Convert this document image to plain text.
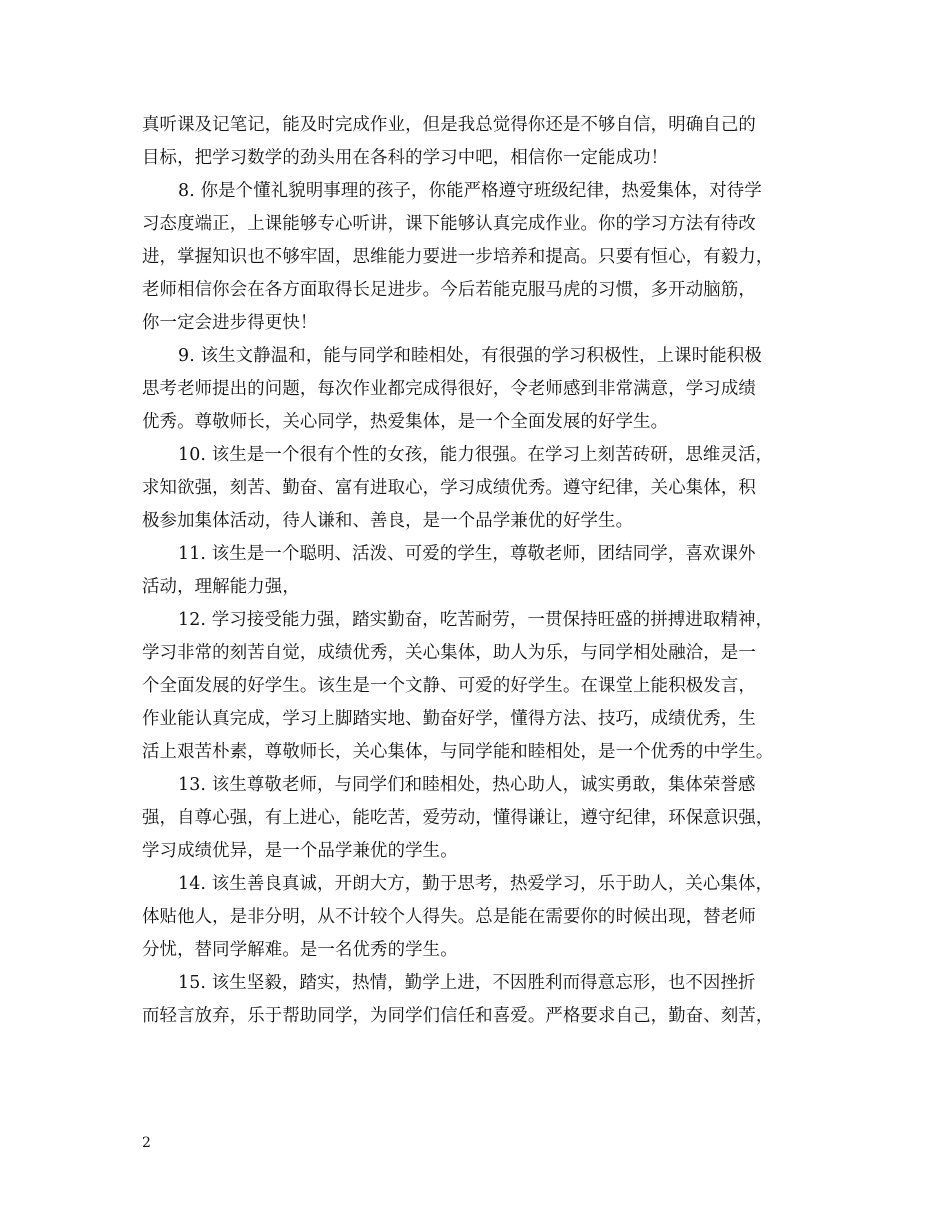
真听课及记笔记，能及时完成作业，但是我总觉得你还是不够自信，明确自己的
目标，把学习数学的劲头用在各科的学习中吧，相信你一定能成功！
8. 你是个懂礼貌明事理的孩子，你能严格遵守班级纪律，热爱集体，对待学
习态度端正，上课能够专心听讲，课下能够认真完成作业。你的学习方法有待改
进，掌握知识也不够牢固，思维能力要进一步培养和提高。只要有恒心，有毅力，
老师相信你会在各方面取得长足进步。今后若能克服马虎的习惯，多开动脑筋，
你一定会进步得更快！
9. 该生文静温和，能与同学和睦相处，有很强的学习积极性，上课时能积极
思考老师提出的问题，每次作业都完成得很好，令老师感到非常满意，学习成绩
优秀。尊敬师长，关心同学，热爱集体，是一个全面发展的好学生。
10. 该生是一个很有个性的女孩，能力很强。在学习上刻苦砖研，思维灵活，
求知欲强，刻苦、勤奋、富有进取心，学习成绩优秀。遵守纪律，关心集体，积
极参加集体活动，待人谦和、善良，是一个品学兼优的好学生。
11. 该生是一个聪明、活泼、可爱的学生，尊敬老师，团结同学，喜欢课外
活动，理解能力强，
12. 学习接受能力强，踏实勤奋，吃苦耐劳，一贯保持旺盛的拼搏进取精神，
学习非常的刻苦自觉，成绩优秀，关心集体，助人为乐，与同学相处融洽，是一
个全面发展的好学生。该生是一个文静、可爱的好学生。在课堂上能积极发言，
作业能认真完成，学习上脚踏实地、勤奋好学，懂得方法、技巧，成绩优秀，生
活上艰苦朴素，尊敬师长，关心集体，与同学能和睦相处，是一个优秀的中学生。
13. 该生尊敬老师，与同学们和睦相处，热心助人，诚实勇敢，集体荣誉感
强，自尊心强，有上进心，能吃苦，爱劳动，懂得谦让，遵守纪律，环保意识强，
学习成绩优异，是一个品学兼优的学生。
14. 该生善良真诚，开朗大方，勤于思考，热爱学习，乐于助人，关心集体，
体贴他人，是非分明，从不计较个人得失。总是能在需要你的时候出现，替老师
分忧，替同学解难。是一名优秀的学生。
15. 该生坚毅，踏实，热情，勤学上进，不因胜利而得意忘形，也不因挫折
而轻言放弃，乐于帮助同学，为同学们信任和喜爱。严格要求自己，勤奋、刻苦，
2
